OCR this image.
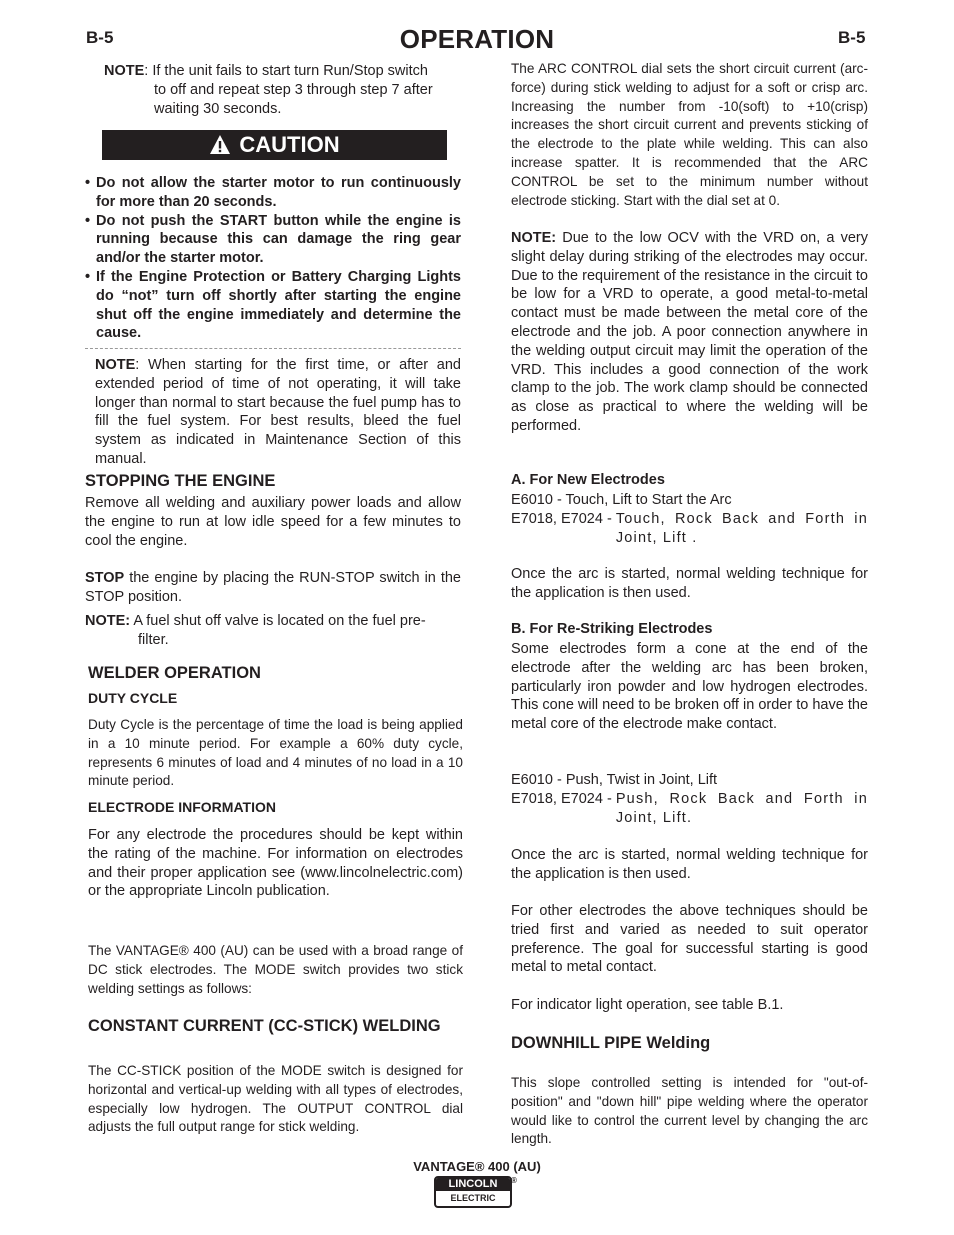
B-5	OPERATION	B-5

NOTE: If the unit fails to start turn Run/Stop switch

to off and repeat step 3 through step 7 after

waiting 30 seconds.

CAUTION
• Do not allow the starter motor to run continuously for more than 20 seconds.
• Do not push the START button while the engine is running because this can damage the ring gear and/or the starter motor.
• If the Engine Protection or Battery Charging Lights do “not” turn off shortly after starting the engine shut off the engine immediately and determine the cause.

NOTE: When starting for the first time, or after and extended period of time of not operating, it will take longer than normal to start because the fuel pump has to fill the fuel system. For best results, bleed the fuel system as indicated in Maintenance Section of this manual.

STOPPING THE ENGINE
Remove all welding and auxiliary power loads and allow the engine to run at low idle speed for a few minutes to cool the engine.

STOP the engine by placing the RUN-STOP switch in the STOP position.

NOTE: A fuel shut off valve is located on the fuel pre-

filter.

WELDER OPERATION
DUTY CYCLE
Duty Cycle is the percentage of time the load is being applied in a 10 minute period. For example a 60% duty cycle, represents 6 minutes of load and 4 minutes of no load in a 10 minute period.
ELECTRODE INFORMATION
For any electrode the procedures should be kept within the rating of the machine. For information on electrodes and their proper application see (www.lincolnelectric.com) or the appropriate Lincoln publication.
The VANTAGE® 400 (AU) can be used with a broad range of DC stick electrodes. The MODE switch provides two stick welding settings as follows:
CONSTANT CURRENT (CC-STICK) WELDING
The CC-STICK position of the MODE switch is designed for horizontal and vertical-up welding with all types of electrodes, especially low hydrogen. The OUTPUT CONTROL dial adjusts the full output range for stick welding.
The ARC CONTROL dial sets the short circuit current (arc-force) during stick welding to adjust for a soft or crisp arc. Increasing the number from -10(soft) to +10(crisp) increases the short circuit current and prevents sticking of the electrode to the plate while welding. This can also increase spatter. It is recommended that the ARC CONTROL be set to the minimum number without electrode sticking. Start with the dial set at 0.

NOTE: Due to the low OCV with the VRD on, a very slight delay during striking of the electrodes may occur. Due to the requirement of the resistance in the circuit to be low for a VRD to operate, a good metal-to-metal contact must be made between the metal core of the electrode and the job. A poor connection anywhere in the welding output circuit may limit the operation of the VRD. This includes a good connection of the work clamp to the job. The work clamp should be connected as close as practical to where the welding will be performed.

A. For New Electrodes

E6010 - Touch, Lift to Start the Arc

E7018, E7024 - Touch, Rock Back and Forth in Joint, Lift .
Once the arc is started, normal welding technique for the application is then used.
B. For Re-Striking Electrodes
Some electrodes form a cone at the end of the electrode after the welding arc has been broken, particularly iron powder and low hydrogen electrodes. This cone will need to be broken off in order to have the metal core of the electrode make contact.

E6010 - Push, Twist in Joint, Lift

E7018, E7024 - Push, Rock Back and Forth in Joint, Lift.
Once the arc is started, normal welding technique for the application is then used.
For other electrodes the above techniques should be tried first and varied as needed to suit operator preference. The goal for successful starting is good metal to metal contact.
For indicator light operation, see table B.1.
DOWNHILL PIPE Welding
This slope controlled setting is intended for "out-of-position" and "down hill" pipe welding where the operator would like to control the current level by changing the arc length.
VANTAGE® 400 (AU)
LINCOLN
ELECTRIC
®
